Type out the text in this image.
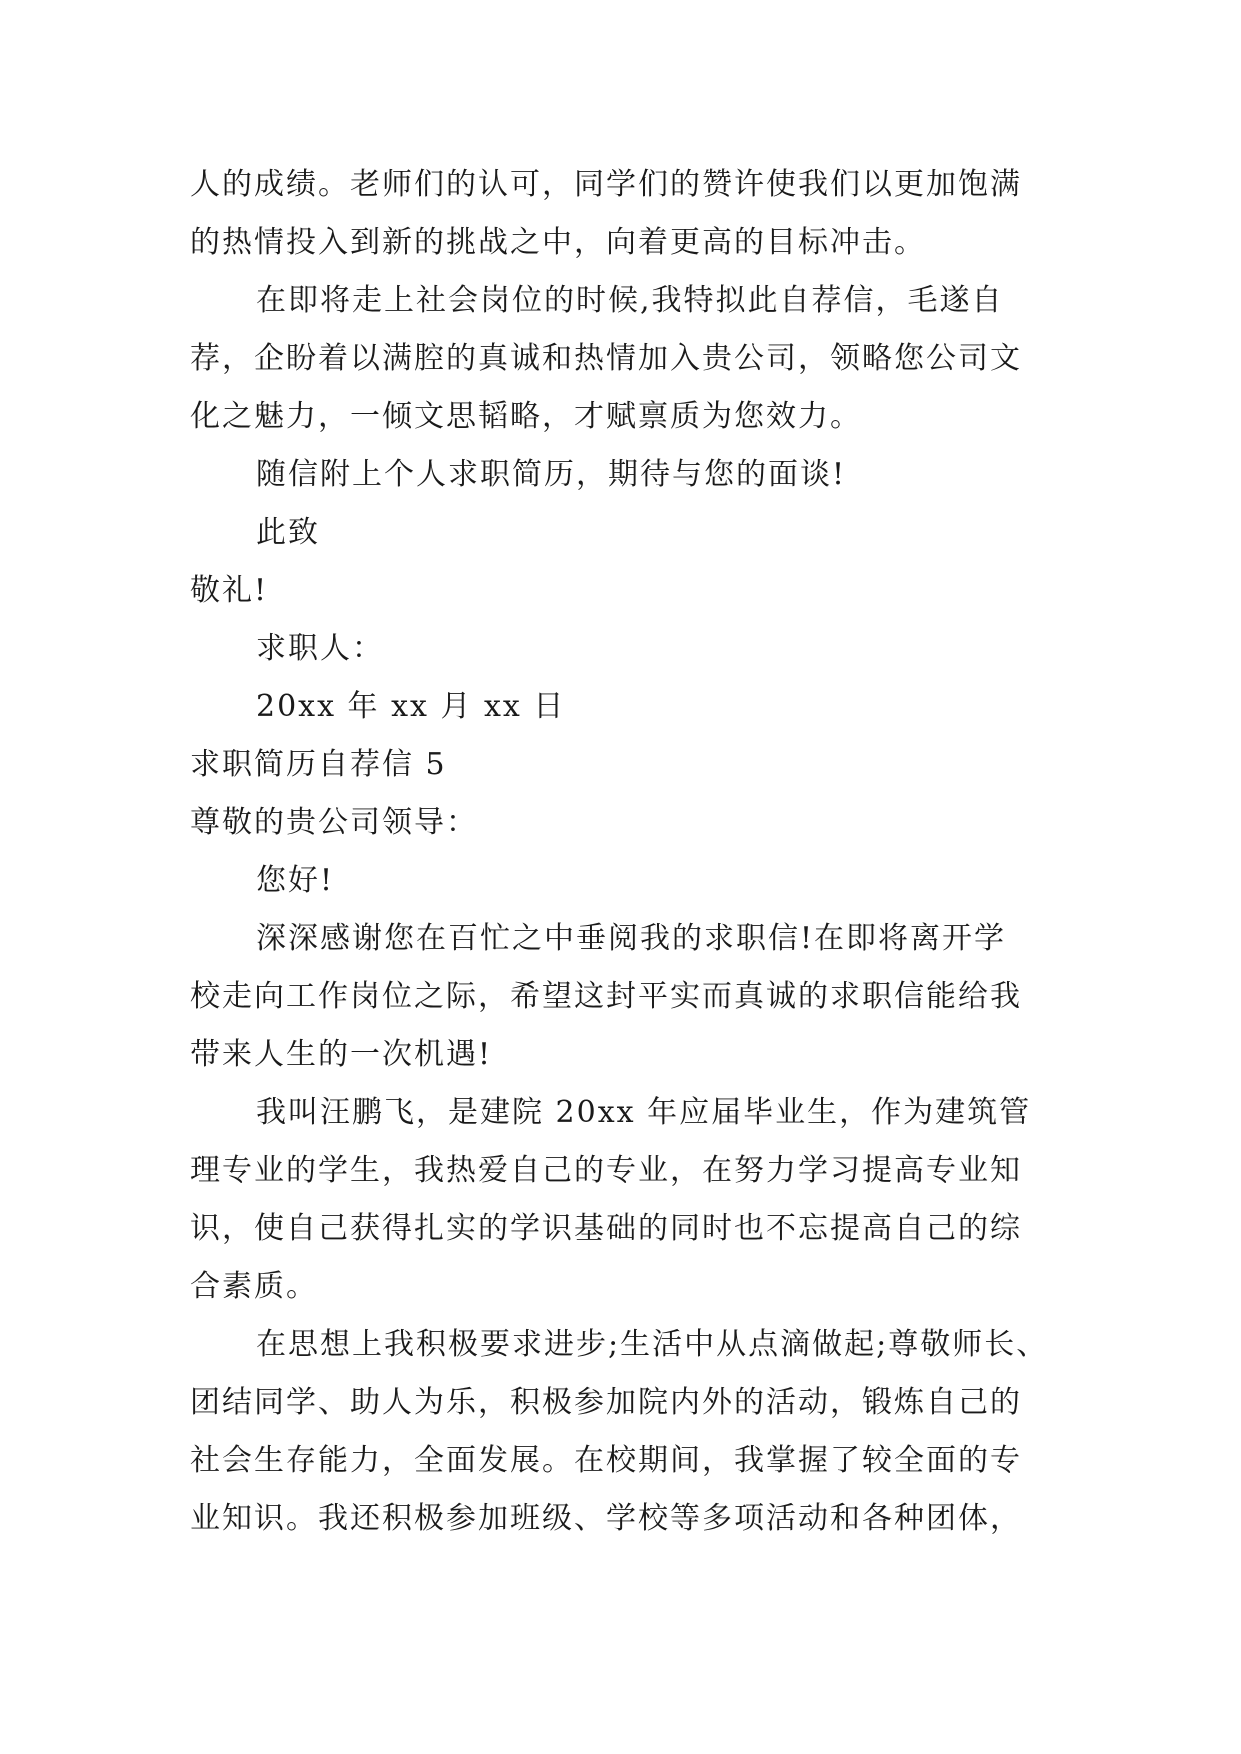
人的成绩。老师们的认可，同学们的赞许使我们以更加饱满
的热情投入到新的挑战之中，向着更高的目标冲击。
在即将走上社会岗位的时候,我特拟此自荐信，毛遂自
荐，企盼着以满腔的真诚和热情加入贵公司，领略您公司文
化之魅力，一倾文思韬略，才赋禀质为您效力。
随信附上个人求职简历，期待与您的面谈!
此致
敬礼!
求职人：
20xx 年 xx 月 xx 日
求职简历自荐信 5
尊敬的贵公司领导：
您好!
深深感谢您在百忙之中垂阅我的求职信!在即将离开学
校走向工作岗位之际，希望这封平实而真诚的求职信能给我
带来人生的一次机遇!
我叫汪鹏飞，是建院 20xx 年应届毕业生，作为建筑管
理专业的学生，我热爱自己的专业，在努力学习提高专业知
识，使自己获得扎实的学识基础的同时也不忘提高自己的综
合素质。
在思想上我积极要求进步;生活中从点滴做起;尊敬师长、
团结同学、助人为乐，积极参加院内外的活动，锻炼自己的
社会生存能力，全面发展。在校期间，我掌握了较全面的专
业知识。我还积极参加班级、学校等多项活动和各种团体，
